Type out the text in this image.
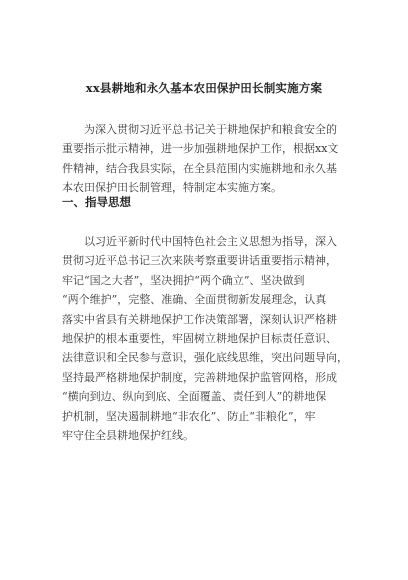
xx县耕地和永久基本农田保护田长制实施方案
为深入贯彻习近平总书记关于耕地保护和粮食安全的
重要指示批示精神，进一步加强耕地保护工作，根据xx文
件精神，结合我县实际，在全县范围内实施耕地和永久基
本农田保护田长制管理，特制定本实施方案。
一、指导思想
以习近平新时代中国特色社会主义思想为指导，深入
贯彻习近平总书记三次来陕考察重要讲话重要指示精神，
牢记“国之大者”，坚决拥护“两个确立”、坚决做到
“两个维护”，完整、准确、全面贯彻新发展理念，认真
落实中省县有关耕地保护工作决策部署，深刻认识严格耕
地保护的根本重要性，牢固树立耕地保护目标责任意识、
法律意识和全民参与意识，强化底线思维，突出问题导向，
坚持最严格耕地保护制度，完善耕地保护监管网格，形成
“横向到边、纵向到底、全面覆盖、责任到人”的耕地保
护机制，坚决遏制耕地“非农化”、防止“非粮化”，牢
牢守住全县耕地保护红线。
